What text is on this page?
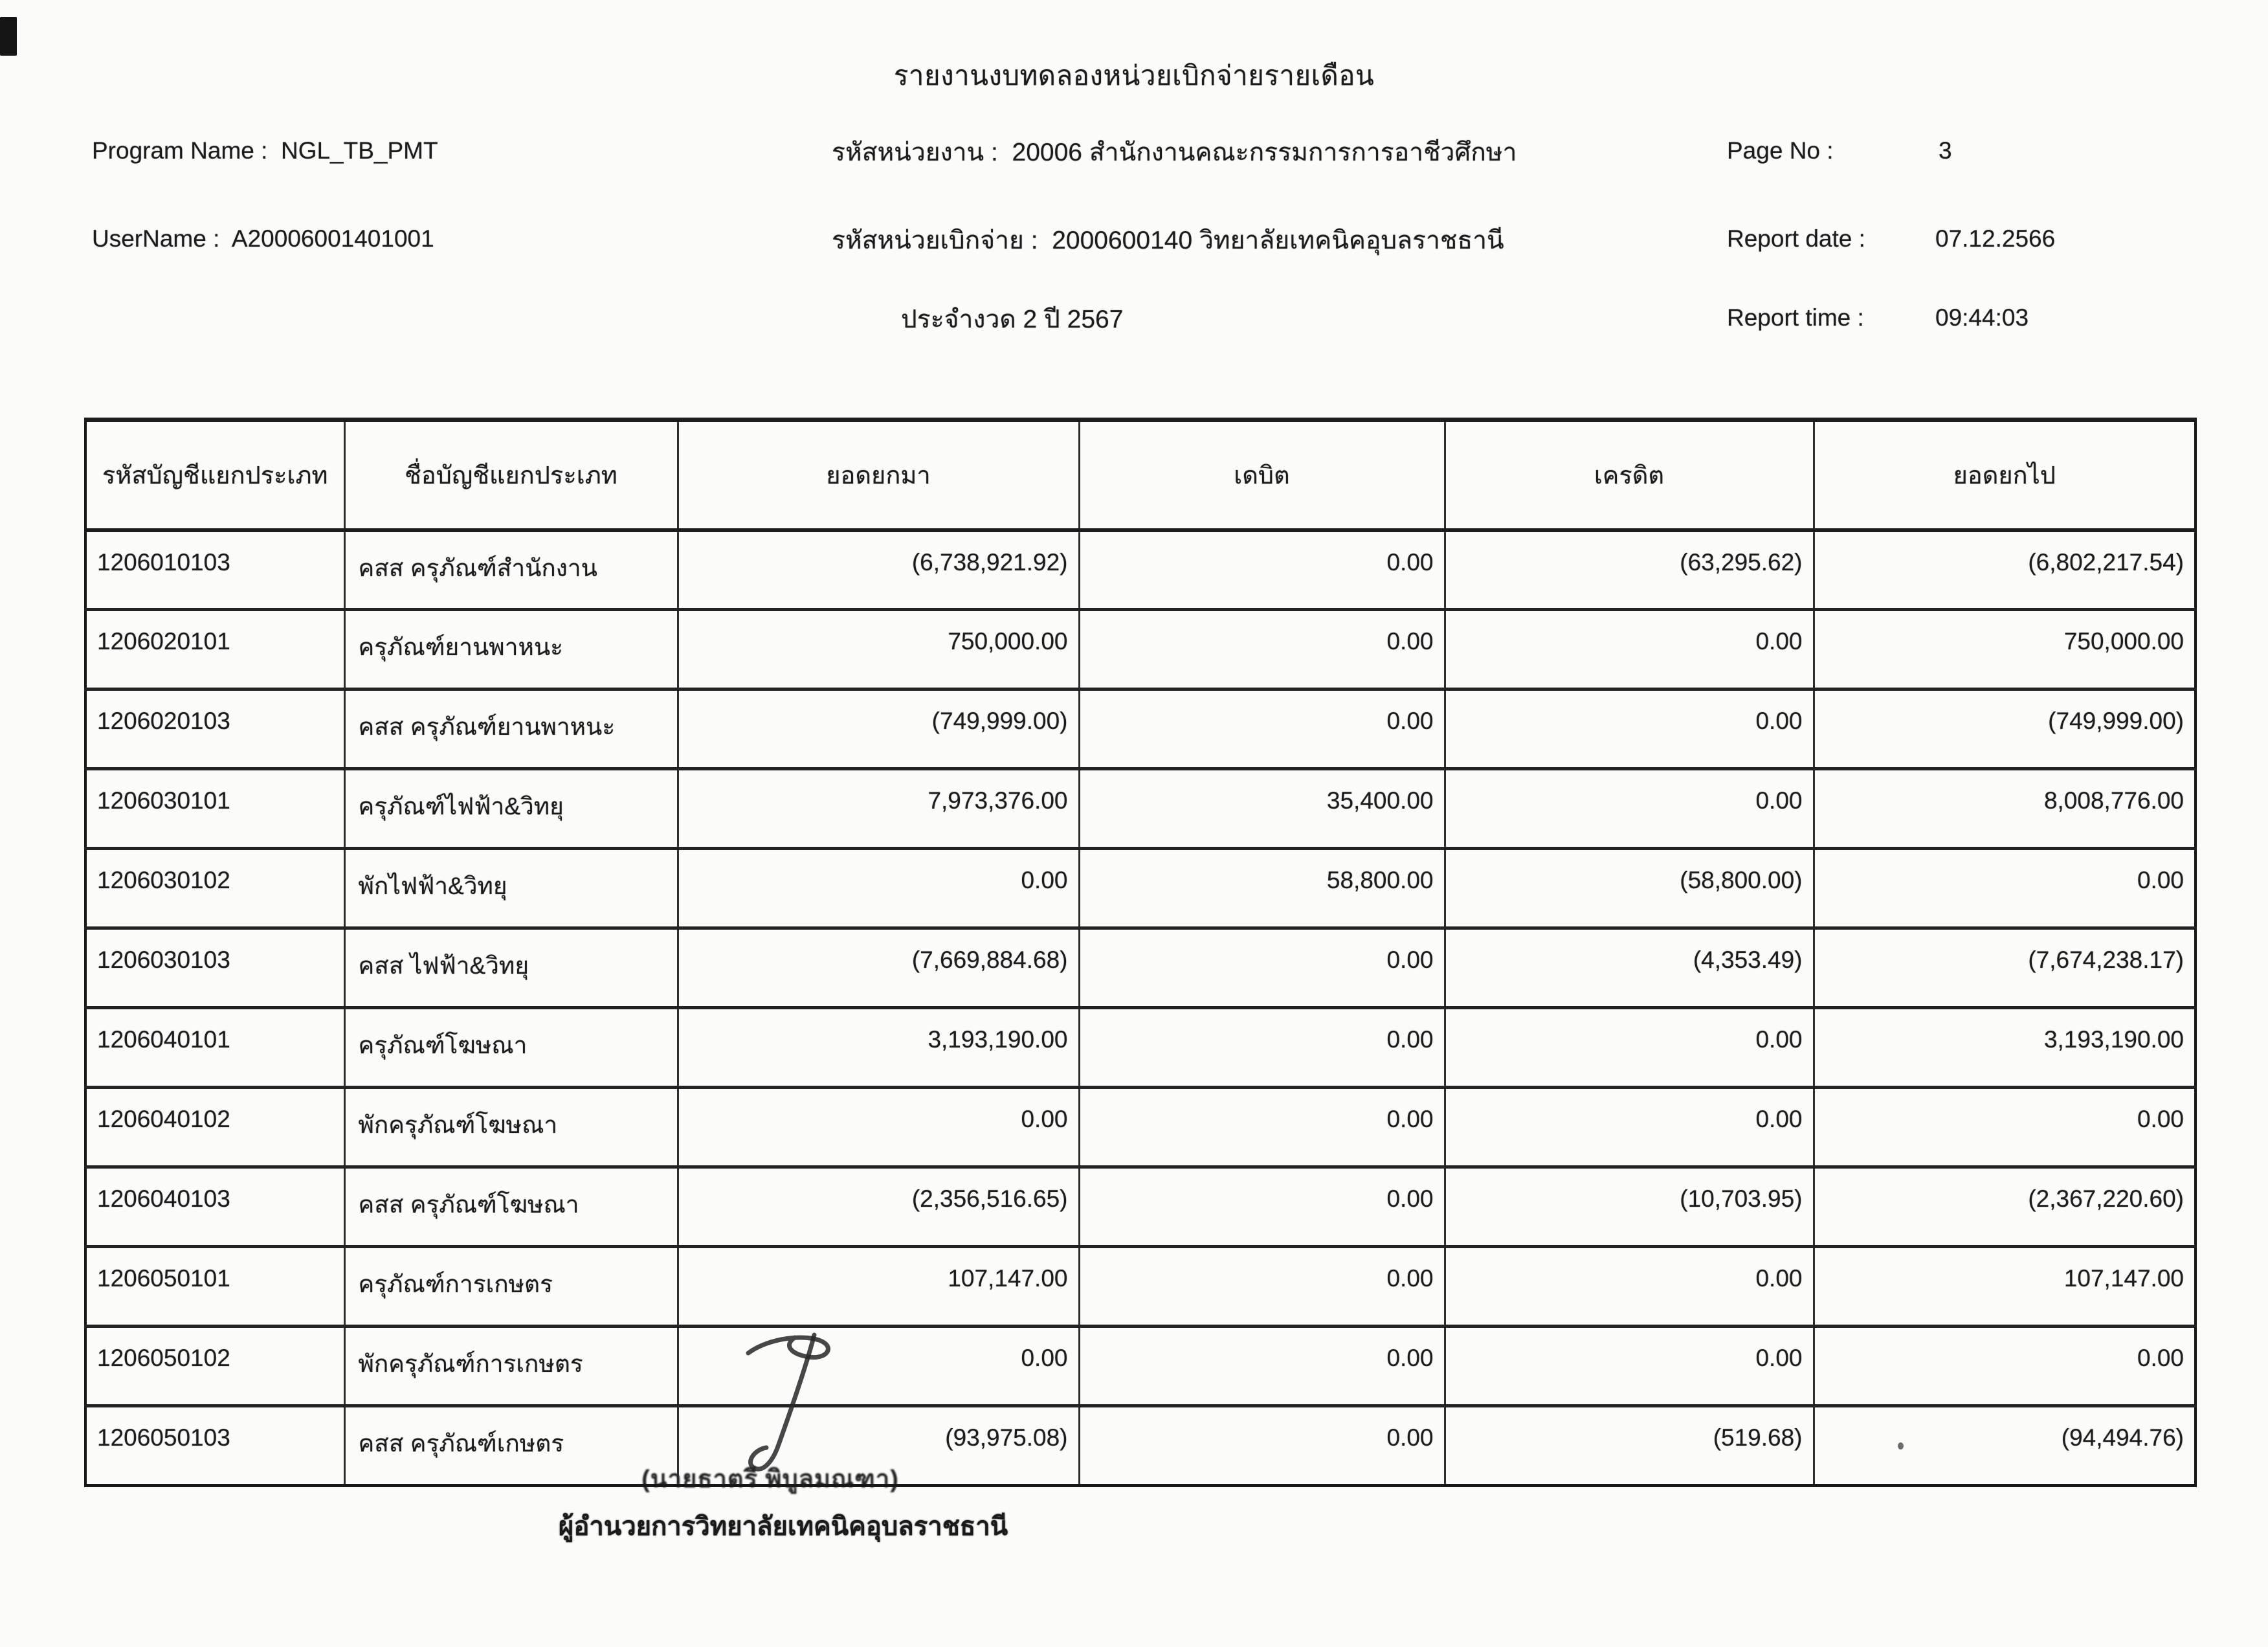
รายงานงบทดลองหน่วยเบิกจ่ายรายเดือน
Program Name : NGL_TB_PMT	รหัสหน่วยงาน : 20006 สำนักงานคณะกรรมการการอาชีวศึกษา	Page No :	3
UserName : A20006001401001	รหัสหน่วยเบิกจ่าย : 2000600140 วิทยาลัยเทคนิคอุบลราชธานี	Report date :	07.12.2566
ประจำงวด 2 ปี 2567	Report time :	09:44:03
(นายธาตรี พิบูลมณฑา)
รหัสบัญชีแยกประเภท	ชื่อบัญชีแยกประเภท	ยอดยกมา	เดบิต	เครดิต	ยอดยกไป
1206010103	คสส ครุภัณฑ์สำนักงาน	(6,738,921.92)	0.00	(63,295.62)	(6,802,217.54)
1206020101	ครุภัณฑ์ยานพาหนะ	750,000.00	0.00	0.00	750,000.00
1206020103	คสส ครุภัณฑ์ยานพาหนะ	(749,999.00)	0.00	0.00	(749,999.00)
1206030101	ครุภัณฑ์ไฟฟ้า&วิทยุ	7,973,376.00	35,400.00	0.00	8,008,776.00
1206030102	พักไฟฟ้า&วิทยุ	0.00	58,800.00	(58,800.00)	0.00
1206030103	คสส ไฟฟ้า&วิทยุ	(7,669,884.68)	0.00	(4,353.49)	(7,674,238.17)
1206040101	ครุภัณฑ์โฆษณา	3,193,190.00	0.00	0.00	3,193,190.00
1206040102	พักครุภัณฑ์โฆษณา	0.00	0.00	0.00	0.00
1206040103	คสส ครุภัณฑ์โฆษณา	(2,356,516.65)	0.00	(10,703.95)	(2,367,220.60)
1206050101	ครุภัณฑ์การเกษตร	107,147.00	0.00	0.00	107,147.00
1206050102	พักครุภัณฑ์การเกษตร	0.00	0.00	0.00	0.00
1206050103	คสส ครุภัณฑ์เกษตร	(93,975.08)	0.00	(519.68)	(94,494.76)
ผู้อำนวยการวิทยาลัยเทคนิคอุบลราชธานี
